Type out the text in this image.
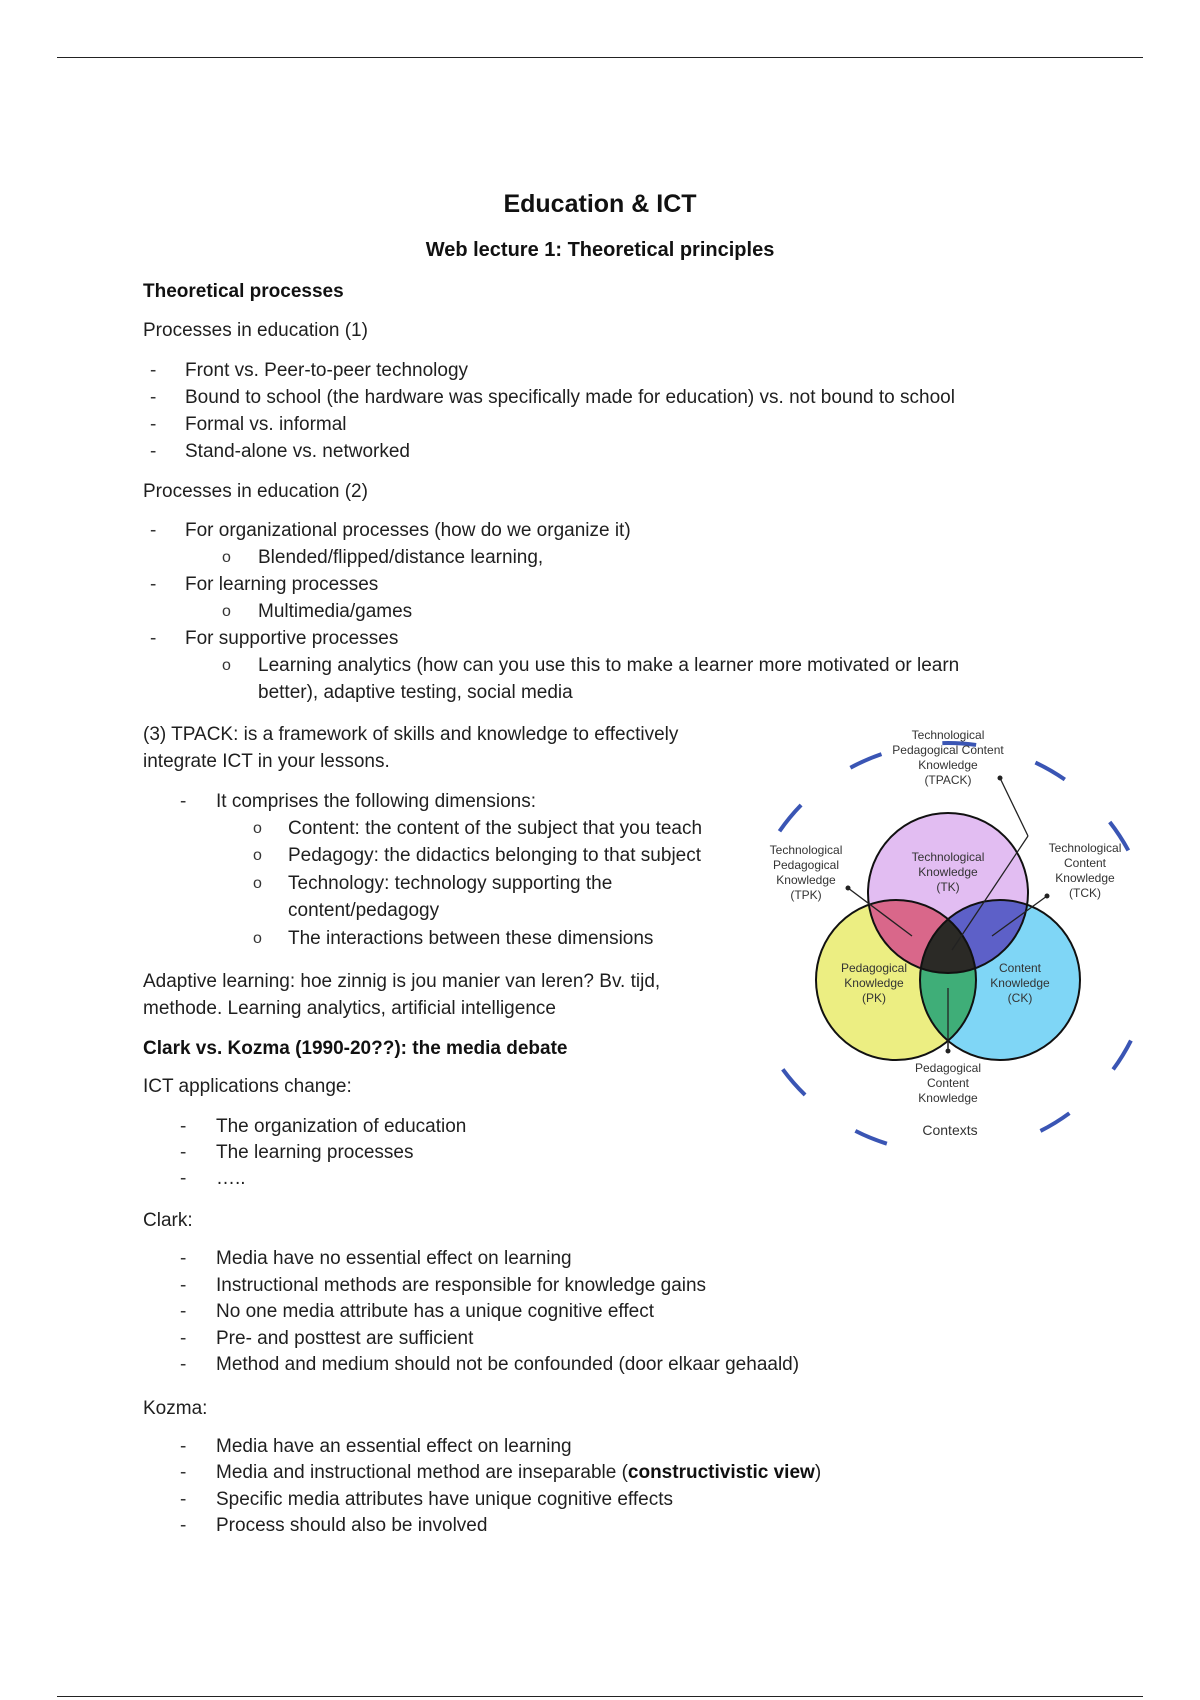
Education & ICT
Web lecture 1: Theoretical principles
Theoretical processes
Processes in education (1)
- Front vs. Peer-to-peer technology
- Bound to school (the hardware was specifically made for education) vs. not bound to school
- Formal vs. informal
- Stand-alone vs. networked
Processes in education (2)
- For organizational processes (how do we organize it)
o Blended/flipped/distance learning,
- For learning processes
o Multimedia/games
- For supportive processes
o Learning analytics (how can you use this to make a learner more motivated or learn
better), adaptive testing, social media
(3) TPACK: is a framework of skills and knowledge to effectively
integrate ICT in your lessons.
- It comprises the following dimensions:
o Content: the content of the subject that you teach
o Pedagogy: the didactics belonging to that subject
o Technology: technology supporting the
content/pedagogy
o The interactions between these dimensions
Adaptive learning: hoe zinnig is jou manier van leren? Bv. tijd,
methode. Learning analytics, artificial intelligence
Clark vs. Kozma (1990-20??): the media debate
ICT applications change:
- The organization of education
- The learning processes
- …..
Clark:
- Media have no essential effect on learning
- Instructional methods are responsible for knowledge gains
- No one media attribute has a unique cognitive effect
- Pre- and posttest are sufficient
- Method and medium should not be confounded (door elkaar gehaald)
Kozma:
- Media have an essential effect on learning
- Media and instructional method are inseparable (constructivistic view)
- Specific media attributes have unique cognitive effects
- Process should also be involved
Technological
Pedagogical Content
Knowledge
(TPACK)
Technological
Pedagogical
Knowledge
(TPK)
Technological
Content
Knowledge
(TCK)
Technological
Knowledge
(TK)
Pedagogical
Knowledge
(PK)
Content
Knowledge
(CK)
Pedagogical
Content
Knowledge
Contexts
